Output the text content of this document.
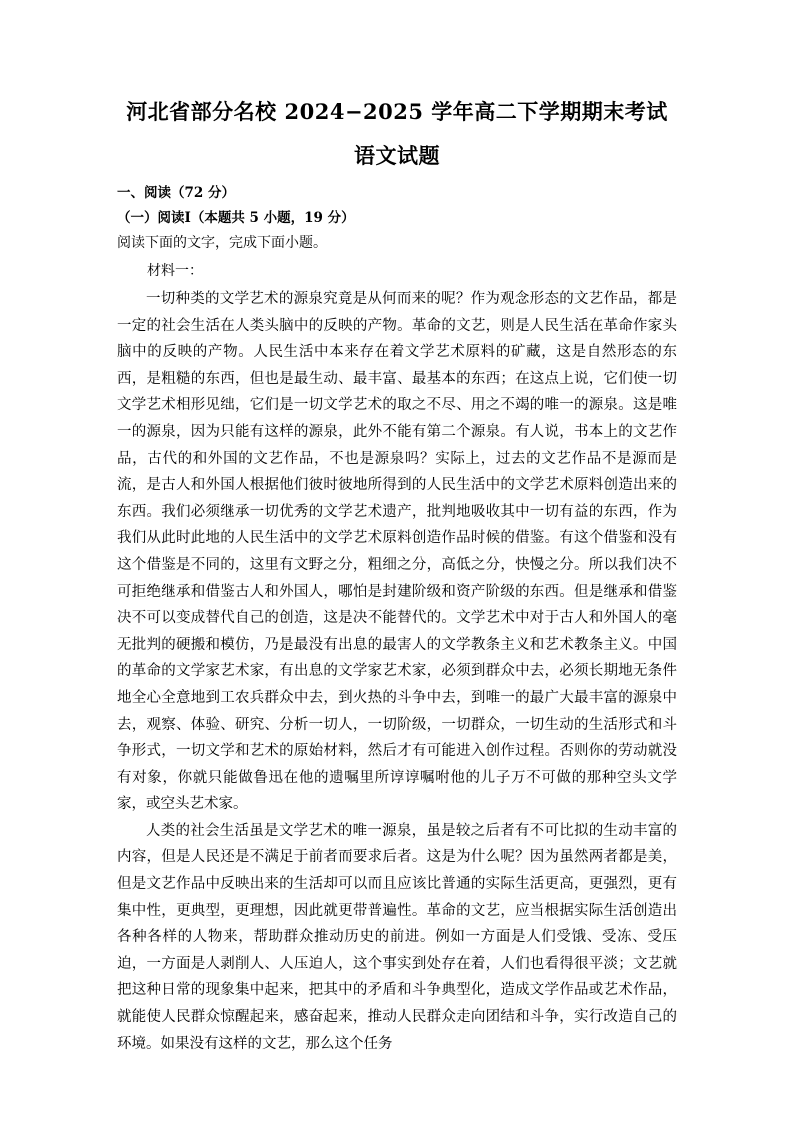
河北省部分名校 2024−2025 学年高二下学期期末考试
语文试题
一、阅读（72 分）
（一）阅读Ⅰ（本题共 5 小题，19 分）
阅读下面的文字，完成下面小题。
材料一：

一切种类的文学艺术的源泉究竟是从何而来的呢？作为观念形态的文艺作品，都是一定的社会生活在人类头脑中的反映的产物。革命的文艺，则是人民生活在革命作家头脑中的反映的产物。人民生活中本来存在着文学艺术原料的矿藏，这是自然形态的东西，是粗糙的东西，但也是最生动、最丰富、最基本的东西；在这点上说，它们使一切文学艺术相形见绌，它们是一切文学艺术的取之不尽、用之不竭的唯一的源泉。这是唯一的源泉，因为只能有这样的源泉，此外不能有第二个源泉。有人说，书本上的文艺作品，古代的和外国的文艺作品，不也是源泉吗？实际上，过去的文艺作品不是源而是流，是古人和外国人根据他们彼时彼地所得到的人民生活中的文学艺术原料创造出来的东西。我们必须继承一切优秀的文学艺术遗产，批判地吸收其中一切有益的东西，作为我们从此时此地的人民生活中的文学艺术原料创造作品时候的借鉴。有这个借鉴和没有这个借鉴是不同的，这里有文野之分，粗细之分，高低之分，快慢之分。所以我们决不可拒绝继承和借鉴古人和外国人，哪怕是封建阶级和资产阶级的东西。但是继承和借鉴决不可以变成替代自己的创造，这是决不能替代的。文学艺术中对于古人和外国人的毫无批判的硬搬和模仿，乃是最没有出息的最害人的文学教条主义和艺术教条主义。中国的革命的文学家艺术家，有出息的文学家艺术家，必须到群众中去，必须长期地无条件地全心全意地到工农兵群众中去，到火热的斗争中去，到唯一的最广大最丰富的源泉中去，观察、体验、研究、分析一切人，一切阶级，一切群众，一切生动的生活形式和斗争形式，一切文学和艺术的原始材料，然后才有可能进入创作过程。否则你的劳动就没有对象，你就只能做鲁迅在他的遗嘱里所谆谆嘱咐他的儿子万不可做的那种空头文学家，或空头艺术家。

人类的社会生活虽是文学艺术的唯一源泉，虽是较之后者有不可比拟的生动丰富的内容，但是人民还是不满足于前者而要求后者。这是为什么呢？因为虽然两者都是美，但是文艺作品中反映出来的生活却可以而且应该比普通的实际生活更高，更强烈，更有集中性，更典型，更理想，因此就更带普遍性。革命的文艺，应当根据实际生活创造出各种各样的人物来，帮助群众推动历史的前进。例如一方面是人们受饿、受冻、受压迫，一方面是人剥削人、人压迫人，这个事实到处存在着，人们也看得很平淡；文艺就把这种日常的现象集中起来，把其中的矛盾和斗争典型化，造成文学作品或艺术作品，就能使人民群众惊醒起来，感奋起来，推动人民群众走向团结和斗争，实行改造自己的环境。如果没有这样的文艺，那么这个任务
